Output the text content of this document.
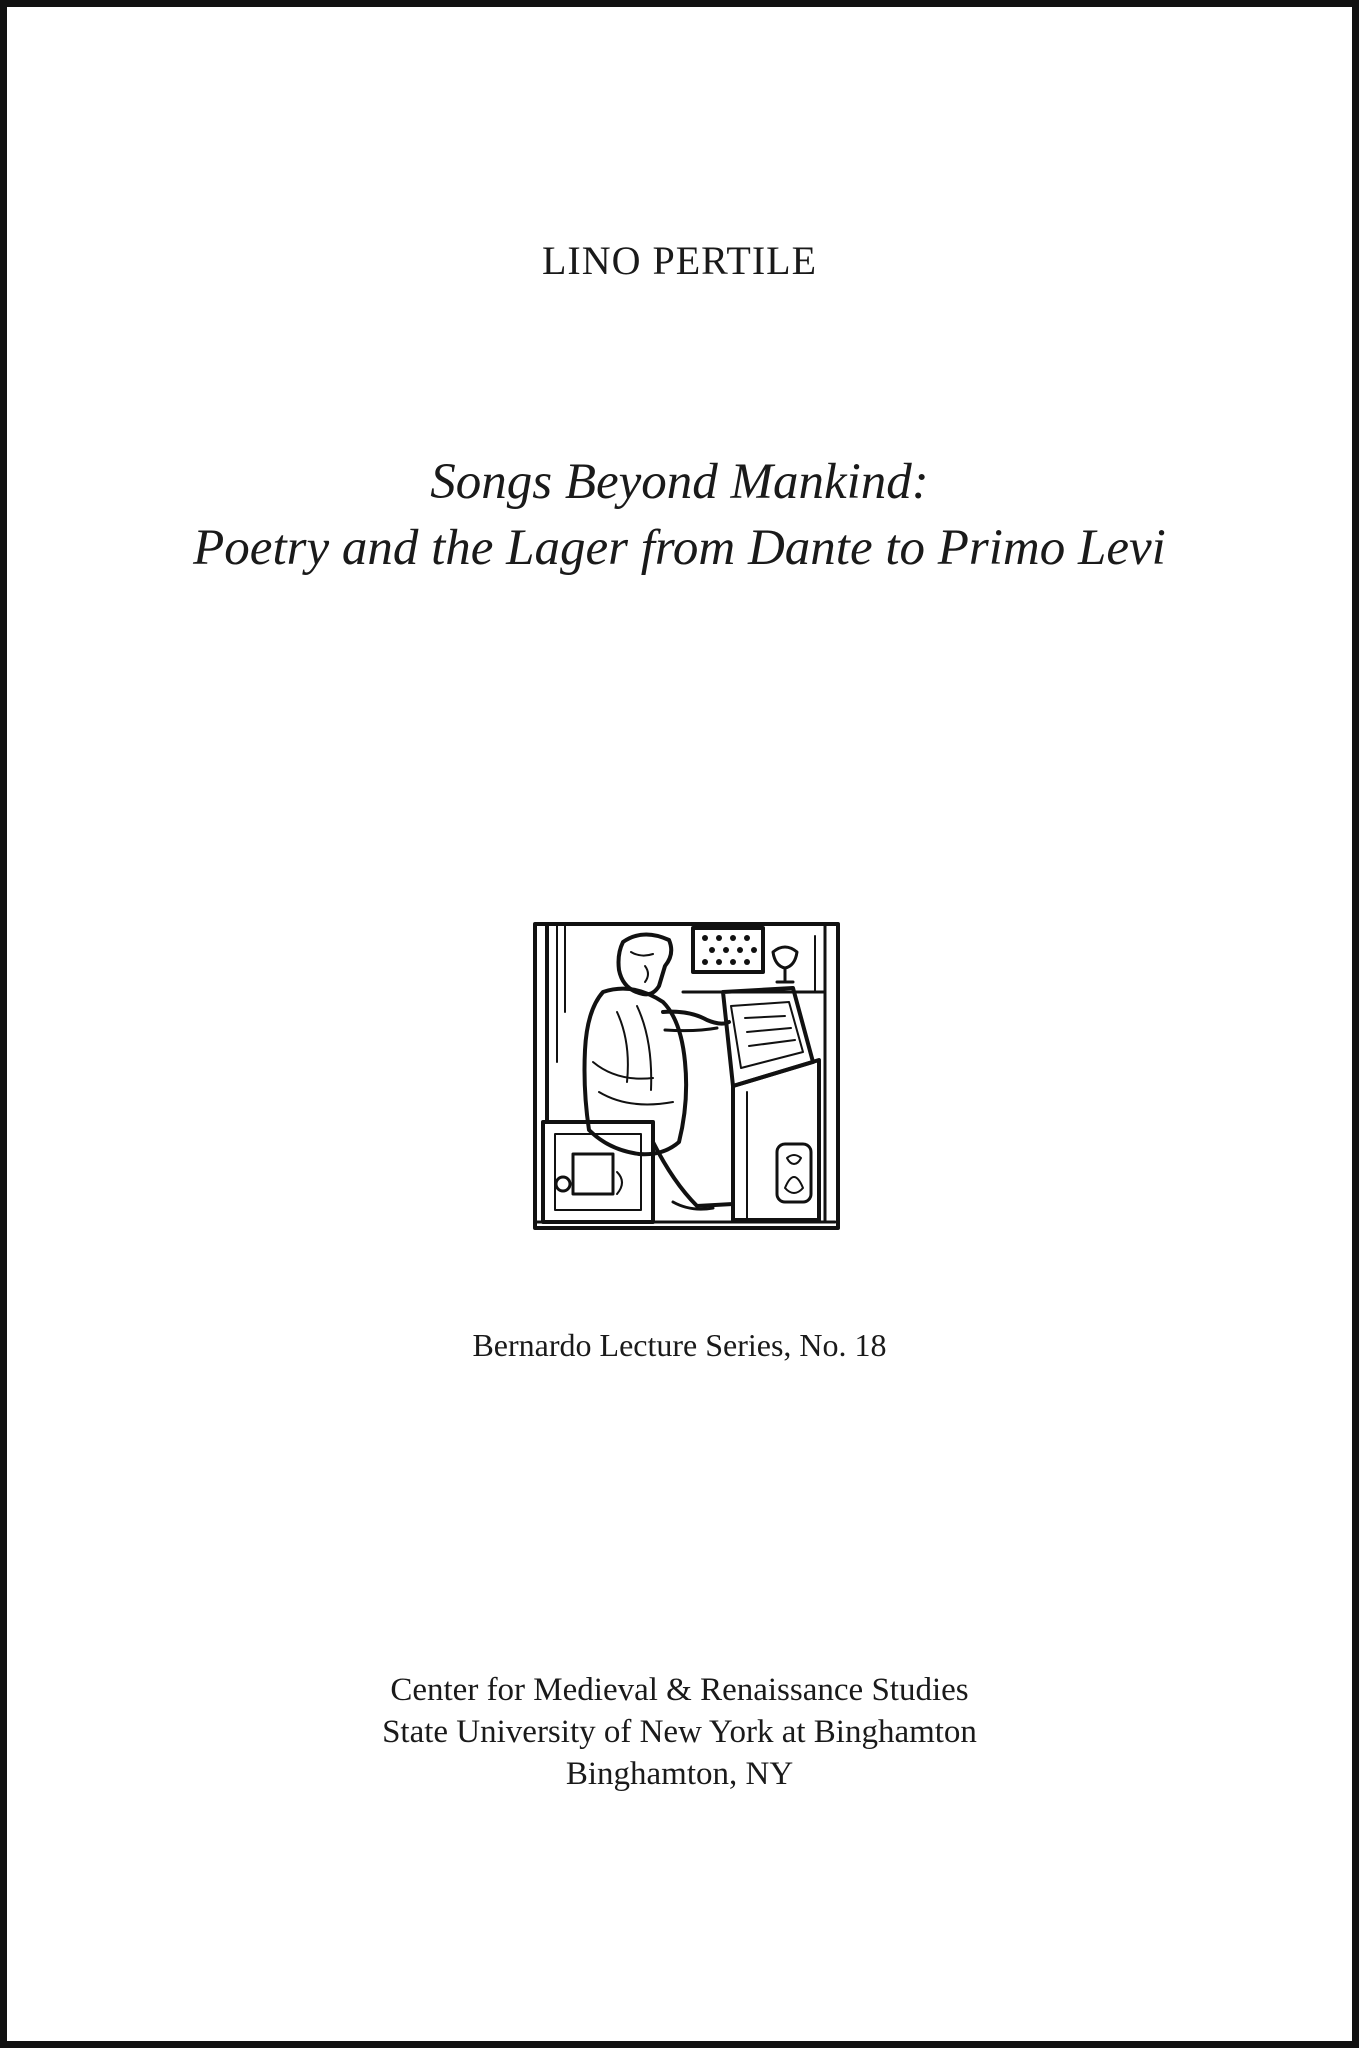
LINO PERTILE
Songs Beyond Mankind:
Poetry and the Lager from Dante to Primo Levi
Bernardo Lecture Series, No. 18
Center for Medieval & Renaissance Studies
State University of New York at Binghamton
Binghamton, NY
